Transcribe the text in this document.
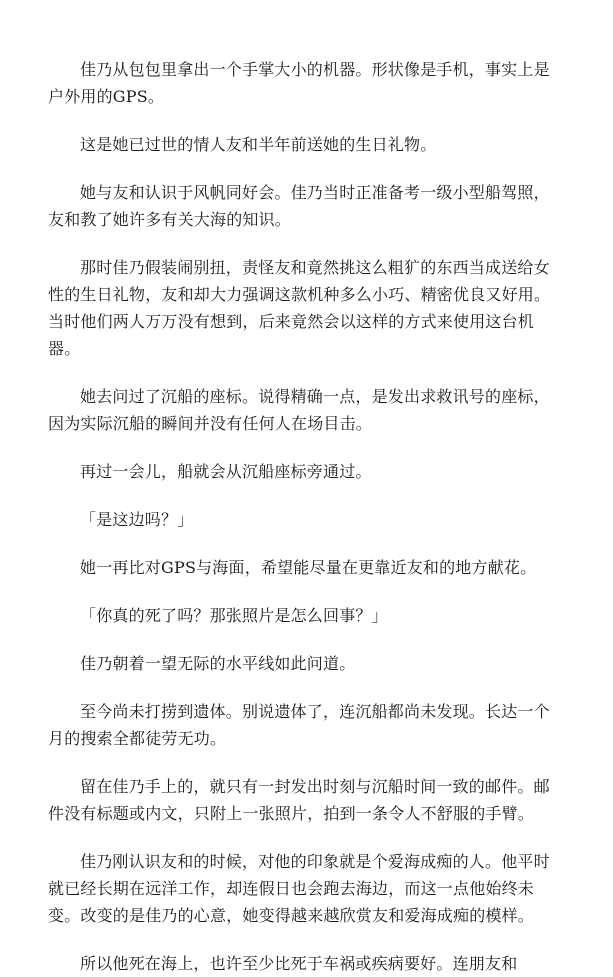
佳乃从包包里拿出一个手掌大小的机器。形状像是手机，事实上是户外用的GPS。

这是她已过世的情人友和半年前送她的生日礼物。

她与友和认识于风帆同好会。佳乃当时正准备考一级小型船驾照，友和教了她许多有关大海的知识。

那时佳乃假装闹别扭，责怪友和竟然挑这么粗犷的东西当成送给女性的生日礼物，友和却大力强调这款机种多么小巧、精密优良又好用。当时他们两人万万没有想到，后来竟然会以这样的方式来使用这台机器。

她去问过了沉船的座标。说得精确一点，是发出求救讯号的座标，因为实际沉船的瞬间并没有任何人在场目击。

再过一会儿，船就会从沉船座标旁通过。

「是这边吗？」

她一再比对GPS与海面，希望能尽量在更靠近友和的地方献花。

「你真的死了吗？那张照片是怎么回事？」

佳乃朝着一望无际的水平线如此问道。

至今尚未打捞到遗体。别说遗体了，连沉船都尚未发现。长达一个月的搜索全都徒劳无功。

留在佳乃手上的，就只有一封发出时刻与沉船时间一致的邮件。邮件没有标题或内文，只附上一张照片，拍到一条令人不舒服的手臂。

佳乃刚认识友和的时候，对他的印象就是个爱海成痴的人。他平时就已经长期在远洋工作，却连假日也会跑去海边，而这一点他始终未变。改变的是佳乃的心意，她变得越来越欣赏友和爱海成痴的模样。

所以他死在海上，也许至少比死于车祸或疾病要好。连朋友和
